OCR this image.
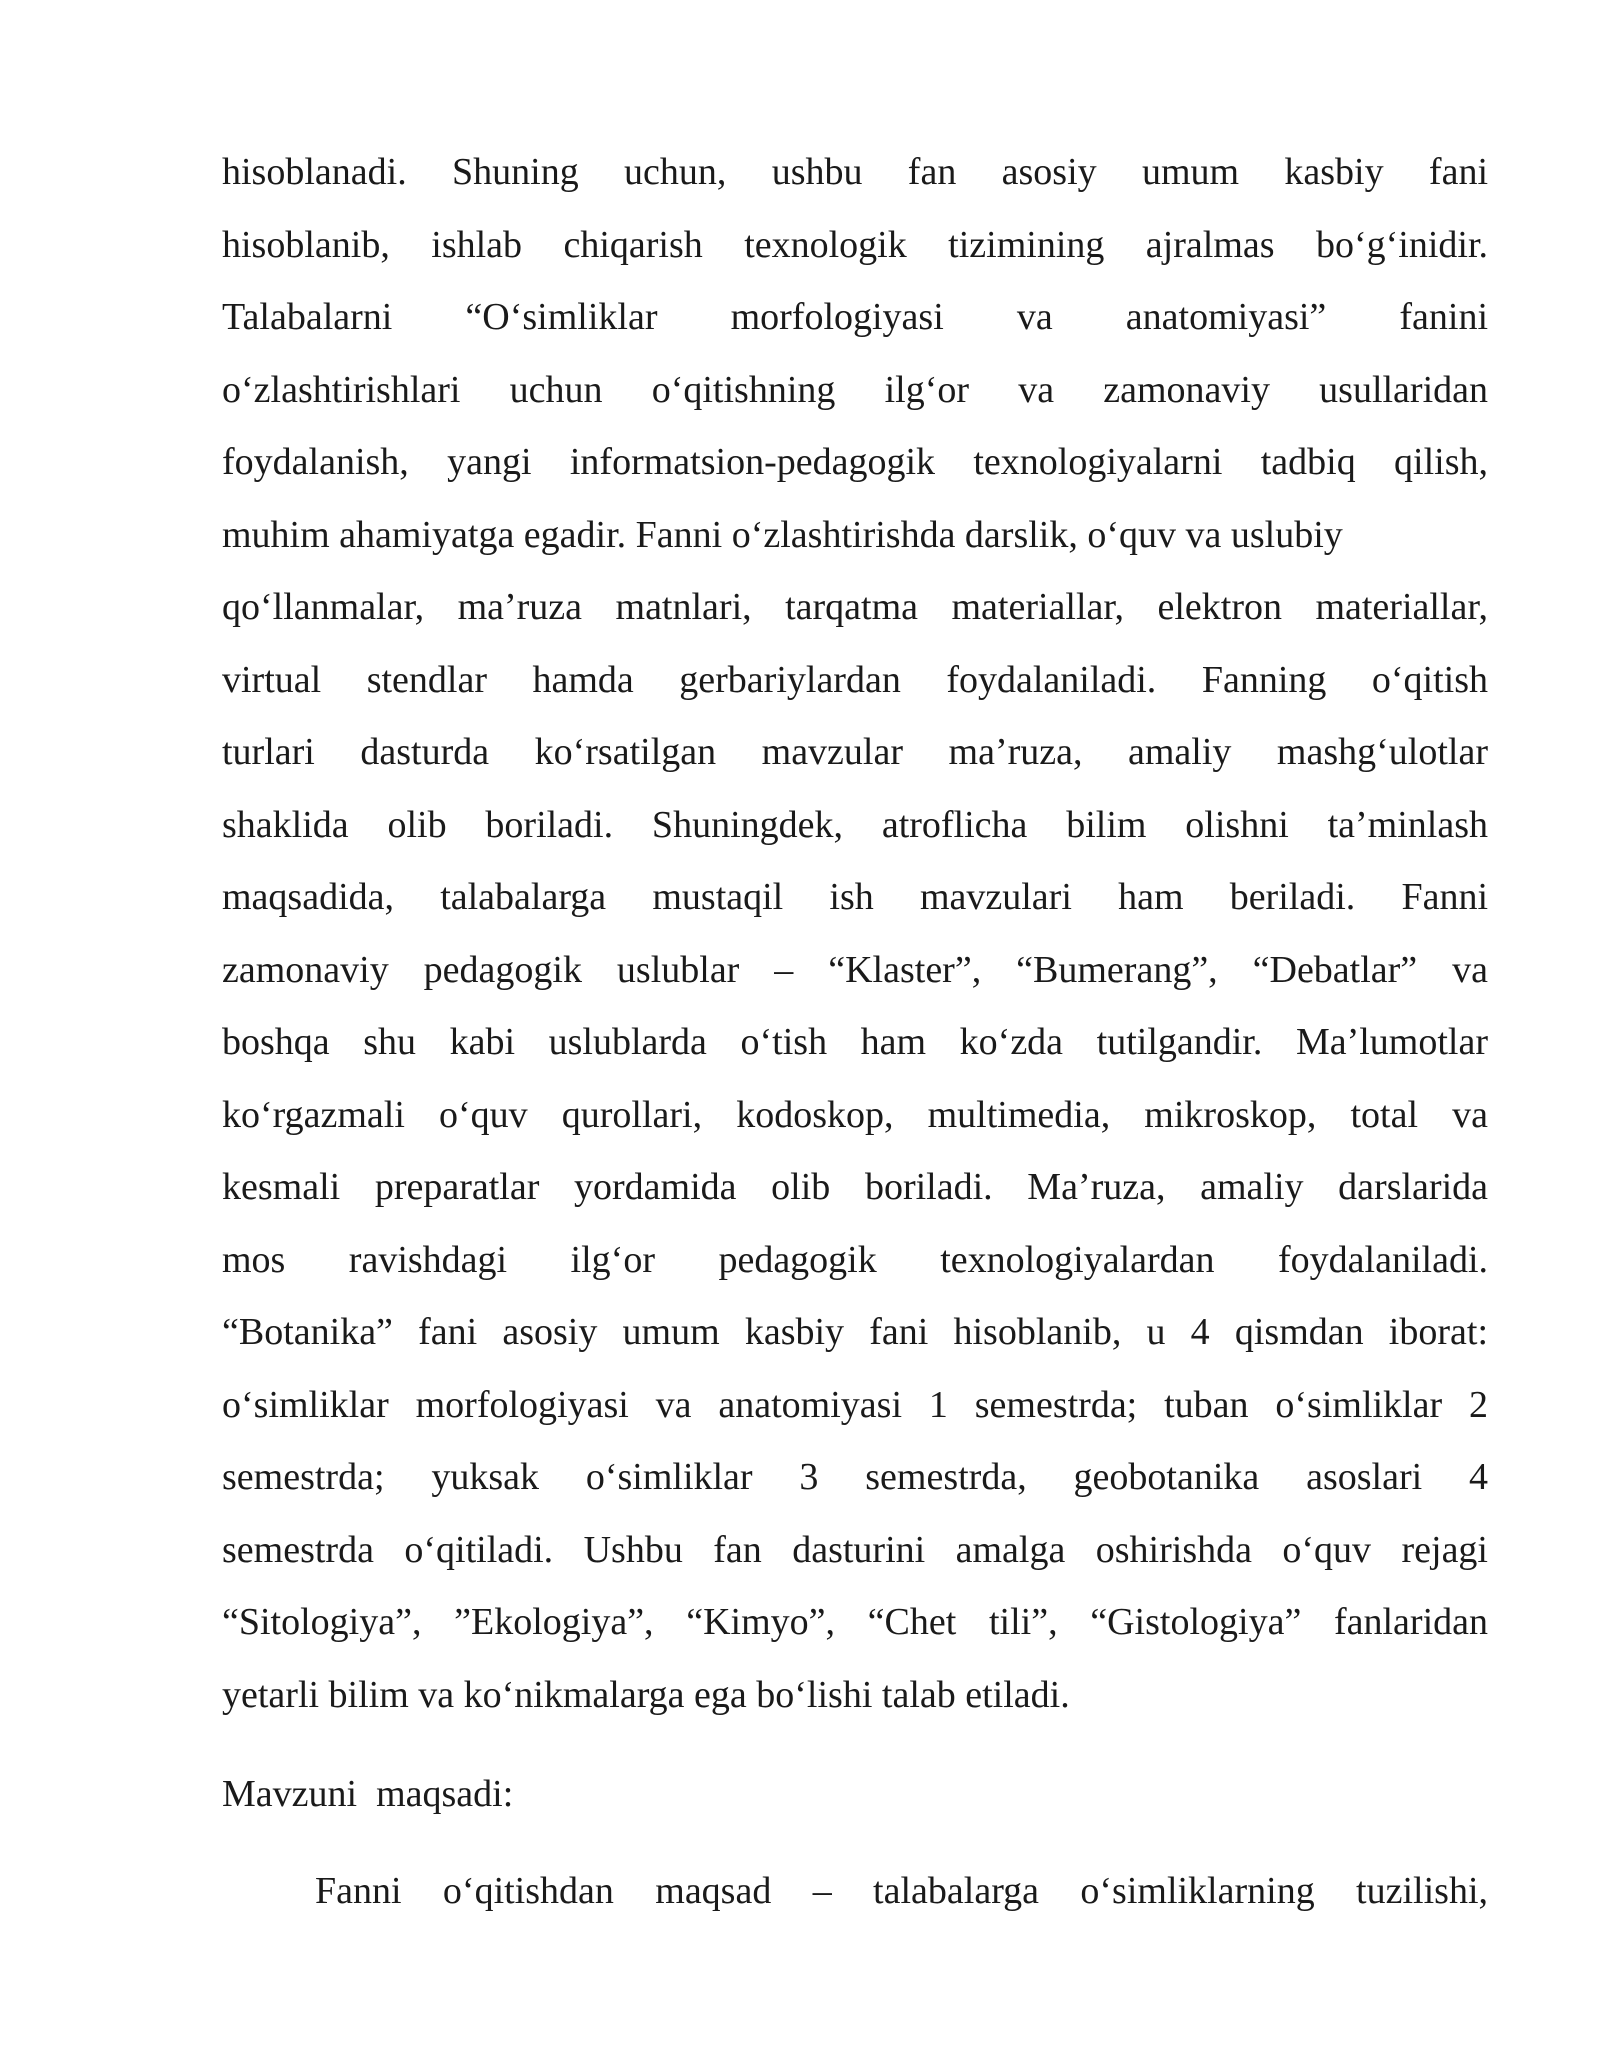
hisoblanadi. Shuning uchun, ushbu fan asosiy umum kasbiy fani
hisoblanib, ishlab chiqarish texnologik tizimining ajralmas bo‘g‘inidir.
Talabalarni “O‘simliklar morfologiyasi va anatomiyasi” fanini
o‘zlashtirishlari uchun o‘qitishning ilg‘or va zamonaviy usullaridan
foydalanish, yangi informatsion-pedagogik texnologiyalarni tadbiq qilish,
muhim ahamiyatga egadir. Fanni o‘zlashtirishda darslik, o‘quv va uslubiy
qo‘llanmalar, ma’ruza matnlari, tarqatma materiallar, elektron materiallar,
virtual stendlar hamda gerbariylardan foydalaniladi. Fanning o‘qitish
turlari dasturda ko‘rsatilgan mavzular ma’ruza, amaliy mashg‘ulotlar
shaklida olib boriladi. Shuningdek, atroflicha bilim olishni ta’minlash
maqsadida, talabalarga mustaqil ish mavzulari ham beriladi. Fanni
zamonaviy pedagogik uslublar – “Klaster”, “Bumerang”, “Debatlar” va
boshqa shu kabi uslublarda o‘tish ham ko‘zda tutilgandir. Ma’lumotlar
ko‘rgazmali o‘quv qurollari, kodoskop, multimedia, mikroskop, total va
kesmali preparatlar yordamida olib boriladi. Ma’ruza, amaliy darslarida
mos ravishdagi ilg‘or pedagogik texnologiyalardan foydalaniladi.
“Botanika” fani asosiy umum kasbiy fani hisoblanib, u 4 qismdan iborat:
o‘simliklar morfologiyasi va anatomiyasi 1 semestrda; tuban o‘simliklar 2
semestrda; yuksak o‘simliklar 3 semestrda, geobotanika asoslari 4
semestrda o‘qitiladi. Ushbu fan dasturini amalga oshirishda o‘quv rejagi
“Sitologiya”, ”Ekologiya”, “Kimyo”, “Chet tili”, “Gistologiya” fanlaridan
yetarli bilim va ko‘nikmalarga ega bo‘lishi talab etiladi.
Mavzuni  maqsadi:
Fanni o‘qitishdan maqsad – talabalarga o‘simliklarning tuzilishi,
